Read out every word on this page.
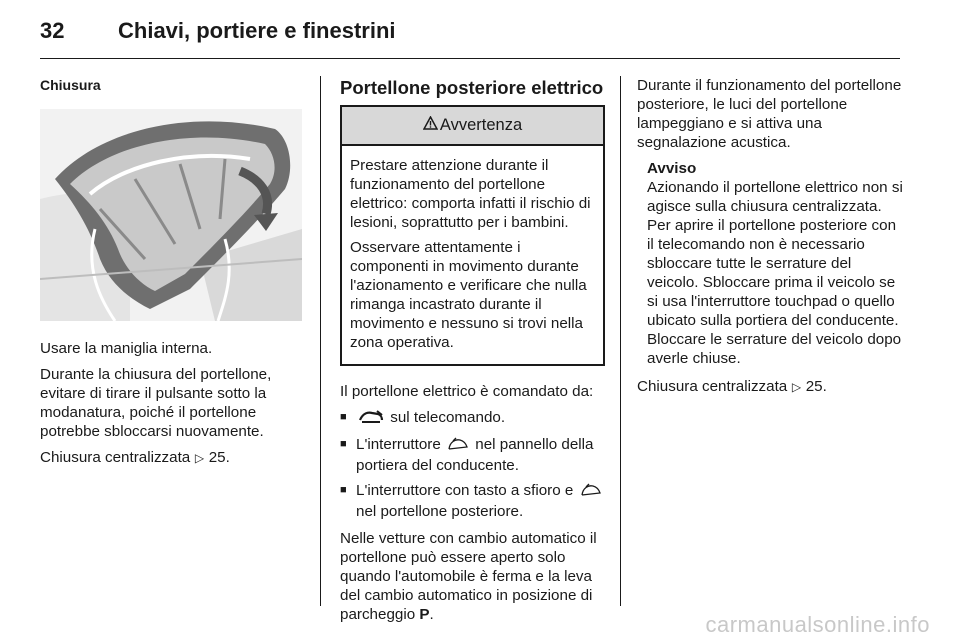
32 Chiavi, portiere e finestrini
Chiusura

Usare la maniglia interna.

Durante la chiusura del portellone, evitare di tirare il pulsante sotto la modanatura, poiché il portellone potrebbe sbloccarsi nuovamente.

Chiusura centralizzata ▷ 25.

Portellone posteriore elettrico
Avvertenza

Prestare attenzione durante il funzionamento del portellone elettrico: comporta infatti il rischio di lesioni, soprattutto per i bambini.

Osservare attentamente i componenti in movimento durante l'azionamento e verificare che nulla rimanga incastrato durante il movimento e nessuno si trovi nella zona operativa.

Il portellone elettrico è comandato da:

■ sul telecomando.
■ L'interruttore nel pannello della portiera del conducente.
■ L'interruttore con tasto a sfioro e  nel portellone posteriore.

Nelle vetture con cambio automatico il portellone può essere aperto solo quando l'automobile è ferma e la leva del cambio automatico in posizione di parcheggio P.

Durante il funzionamento del portellone posteriore, le luci del portellone lampeggiano e si attiva una segnalazione acustica.

Avviso
Azionando il portellone elettrico non si agisce sulla chiusura centralizzata. Per aprire il portellone posteriore con il telecomando non è necessario sbloccare tutte le serrature del veicolo. Sbloccare prima il veicolo se si usa l'interruttore touchpad o quello ubicato sulla portiera del conducente. Bloccare le serrature del veicolo dopo averle chiuse.

Chiusura centralizzata ▷ 25.

carmanualsonline.info
